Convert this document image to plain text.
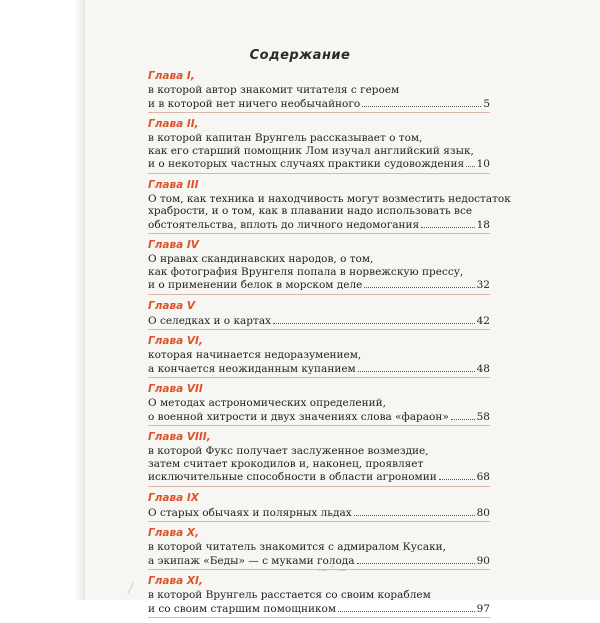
Содержание
Глава I,
в которой автор знакомит читателя с героем
и в которой нет ничего необычайного	5
Глава II,
в которой капитан Врунгель рассказывает о том,
как его старший помощник Лом изучал английский язык,
и о некоторых частных случаях практики судовождения 10
Глава III
О том, как техника и находчивость могут возместить недостаток
храбрости, и о том, как в плавании надо использовать все
обстоятельства, вплоть до личного недомогания	18
Глава IV
О нравах скандинавских народов, о том,
как фотография Врунгеля попала в норвежскую прессу,
и о применении белок в морском деле	32
Глава V
О селедках и о картах	42
Глава VI,
которая начинается недоразумением,
а кончается неожиданным купанием	48
Глава VII
О методах астрономических определений,
о военной хитрости и двух значениях слова «фараон»	58
Глава VIII,
в которой Фукс получает заслуженное возмездие,
затем считает крокодилов и, наконец, проявляет
исключительные способности в области агрономии	68
Глава IX
О старых обычаях и полярных льдах	80
Глава X,
в которой читатель знакомится с адмиралом Кусаки,
а экипаж «Беды» — с муками голода	90
Глава XI,
в которой Врунгель расстается со своим кораблем
и со своим старшим помощником	97
⁓ ˉ ⁓
╱
